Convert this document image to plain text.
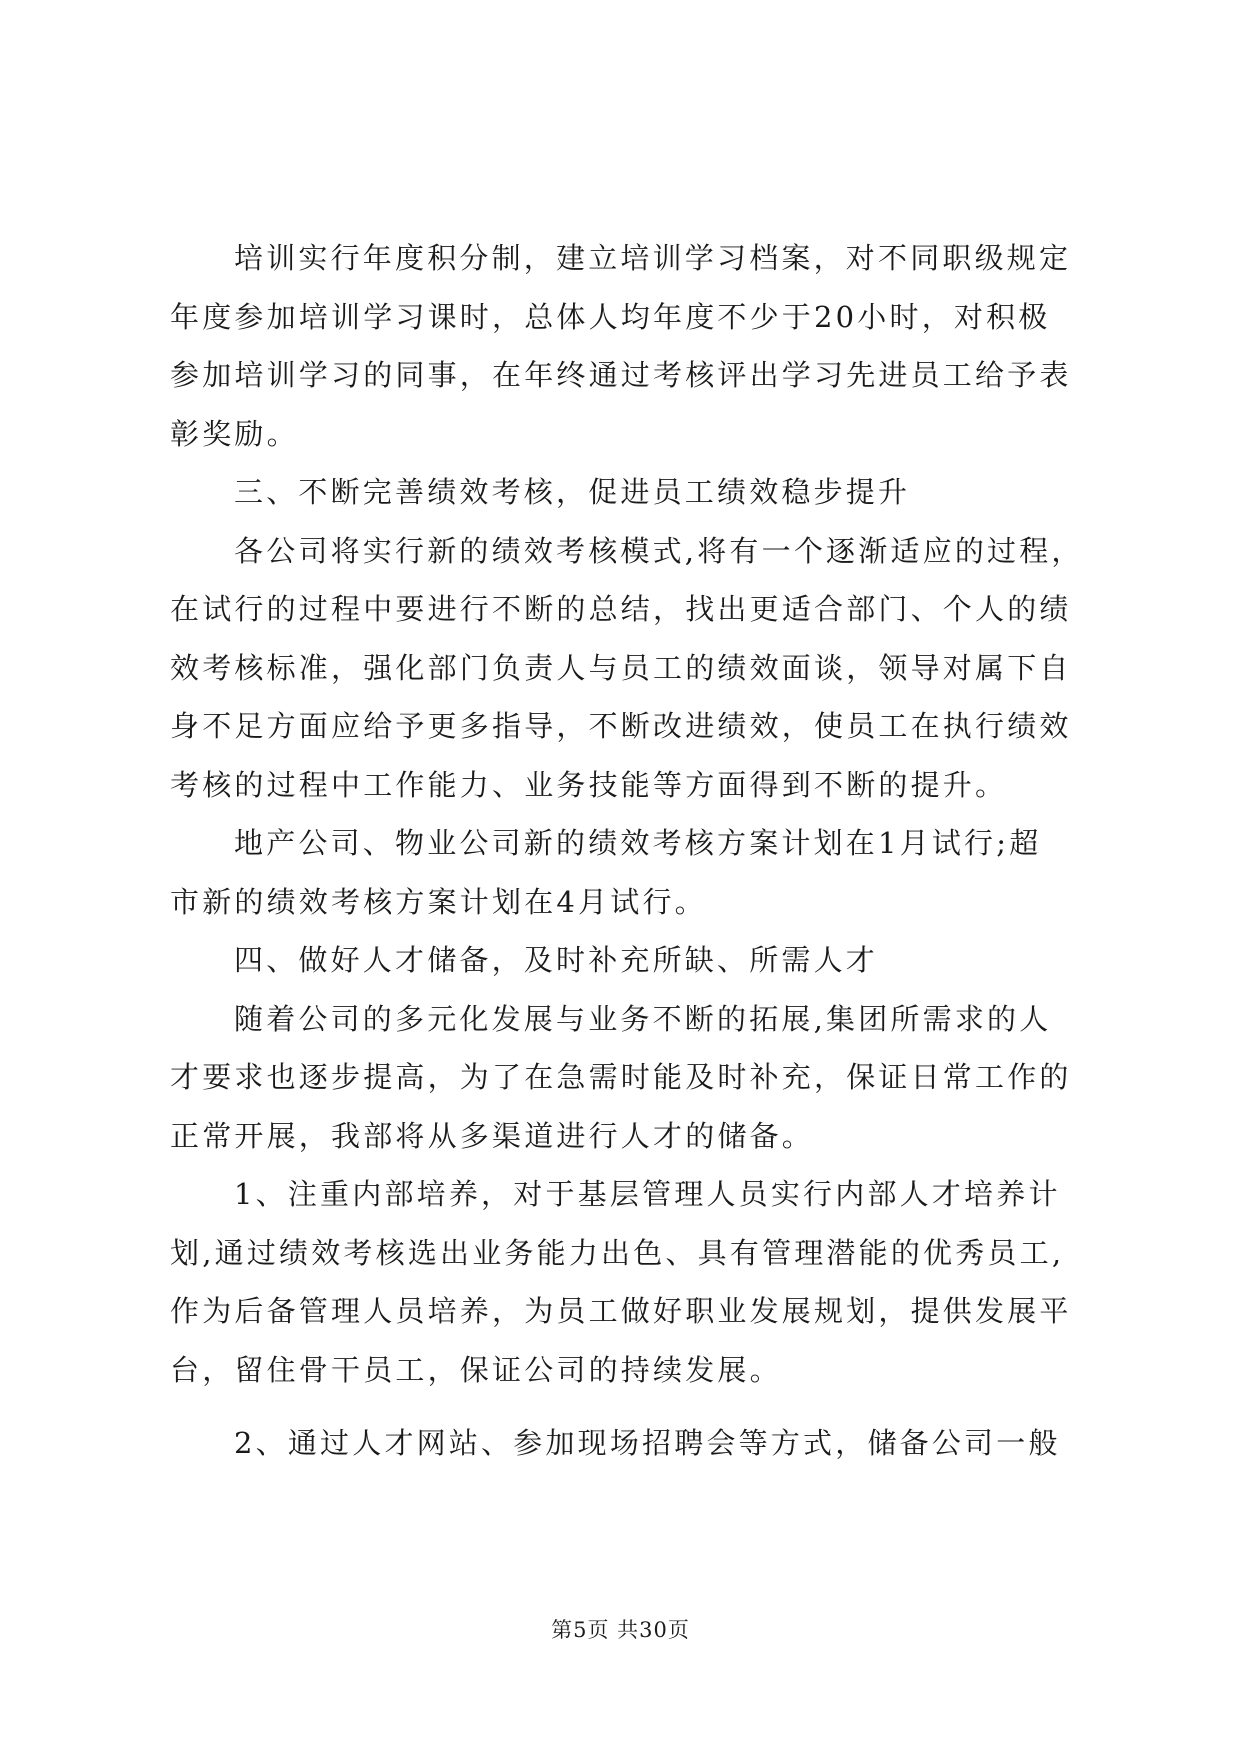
培训实行年度积分制，建立培训学习档案，对不同职级规定
年度参加培训学习课时，总体人均年度不少于20小时，对积极
参加培训学习的同事，在年终通过考核评出学习先进员工给予表
彰奖励。
三、不断完善绩效考核，促进员工绩效稳步提升
各公司将实行新的绩效考核模式,将有一个逐渐适应的过程，
在试行的过程中要进行不断的总结，找出更适合部门、个人的绩
效考核标准，强化部门负责人与员工的绩效面谈，领导对属下自
身不足方面应给予更多指导，不断改进绩效，使员工在执行绩效
考核的过程中工作能力、业务技能等方面得到不断的提升。
地产公司、物业公司新的绩效考核方案计划在1月试行;超
市新的绩效考核方案计划在4月试行。
四、做好人才储备，及时补充所缺、所需人才
随着公司的多元化发展与业务不断的拓展,集团所需求的人
才要求也逐步提高，为了在急需时能及时补充，保证日常工作的
正常开展，我部将从多渠道进行人才的储备。
1、注重内部培养，对于基层管理人员实行内部人才培养计
划,通过绩效考核选出业务能力出色、具有管理潜能的优秀员工,
作为后备管理人员培养，为员工做好职业发展规划，提供发展平
台，留住骨干员工，保证公司的持续发展。
2、通过人才网站、参加现场招聘会等方式，储备公司一般
第5页 共30页
